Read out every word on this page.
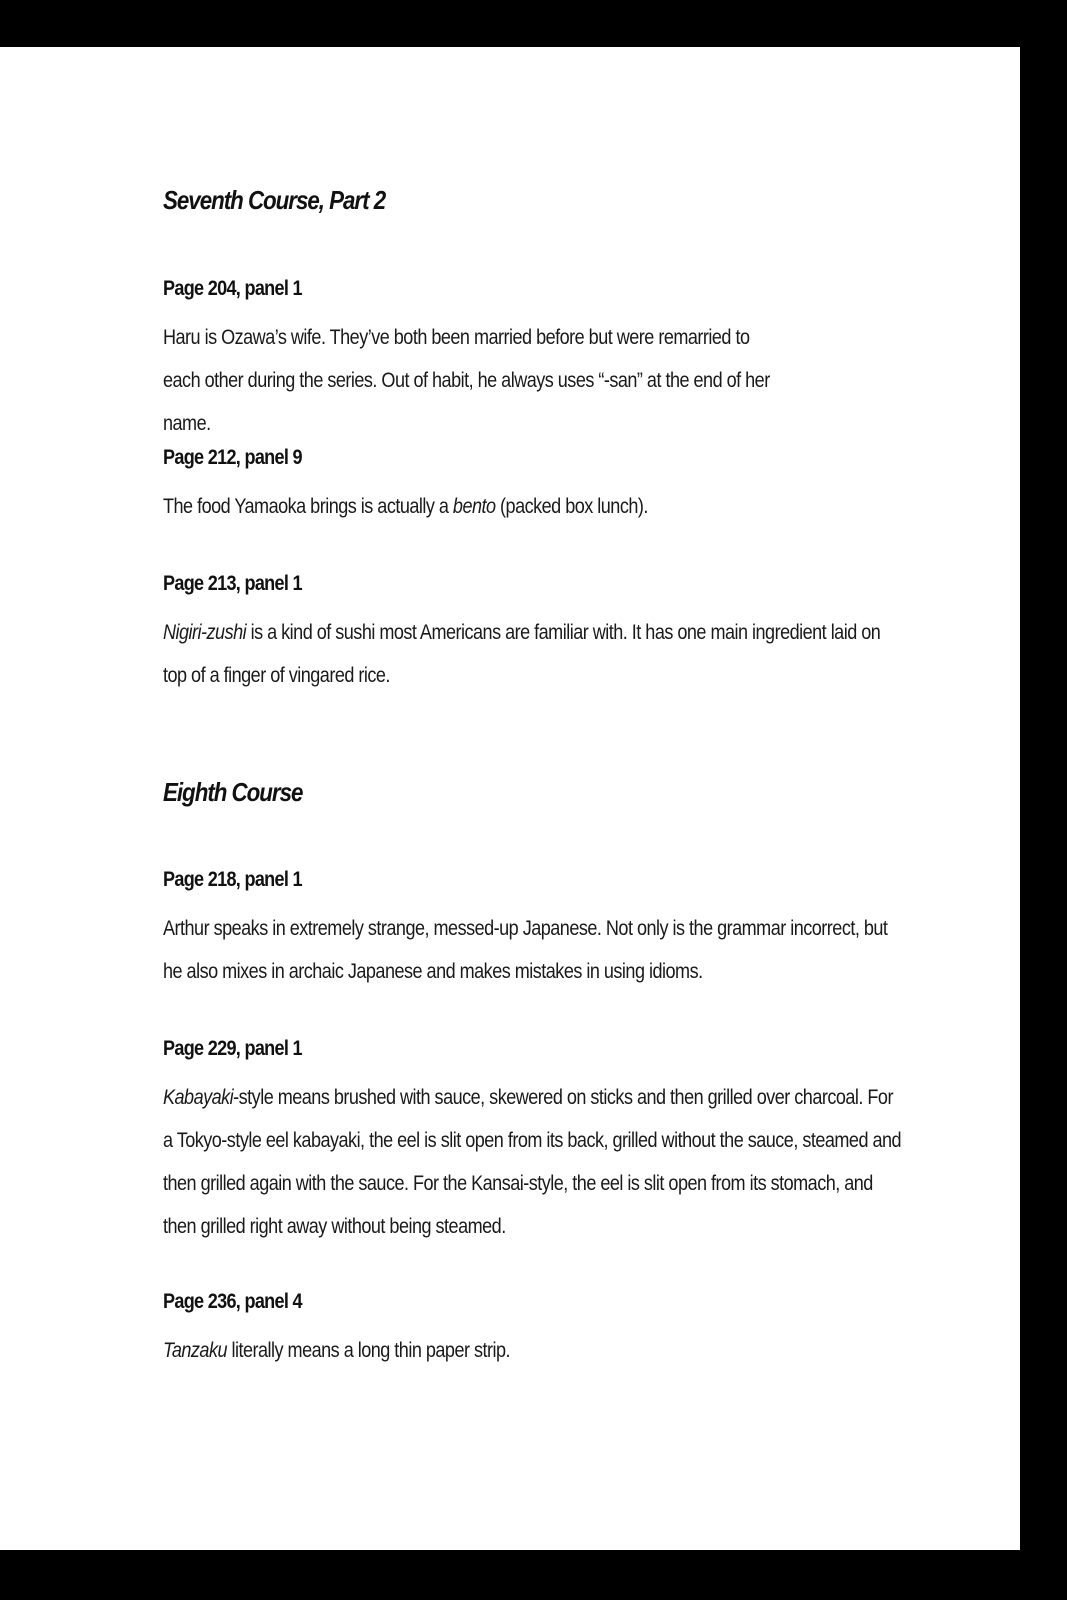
Seventh Course, Part 2
Page 204, panel 1

Haru is Ozawa’s wife. They’ve both been married before but were remarried to each other during the series. Out of habit, he always uses “-san” at the end of her name.

Page 212, panel 9

The food Yamaoka brings is actually a bento (packed box lunch).

Page 213, panel 1

Nigiri-zushi is a kind of sushi most Americans are familiar with. It has one main ingredient laid on top of a finger of vingared rice.

Eighth Course
Page 218, panel 1

Arthur speaks in extremely strange, messed-up Japanese. Not only is the grammar incorrect, but he also mixes in archaic Japanese and makes mistakes in using idioms.

Page 229, panel 1

Kabayaki-style means brushed with sauce, skewered on sticks and then grilled over charcoal. For a Tokyo-style eel kabayaki, the eel is slit open from its back, grilled without the sauce, steamed and then grilled again with the sauce. For the Kansai-style, the eel is slit open from its stomach, and then grilled right away without being steamed.

Page 236, panel 4

Tanzaku literally means a long thin paper strip.
